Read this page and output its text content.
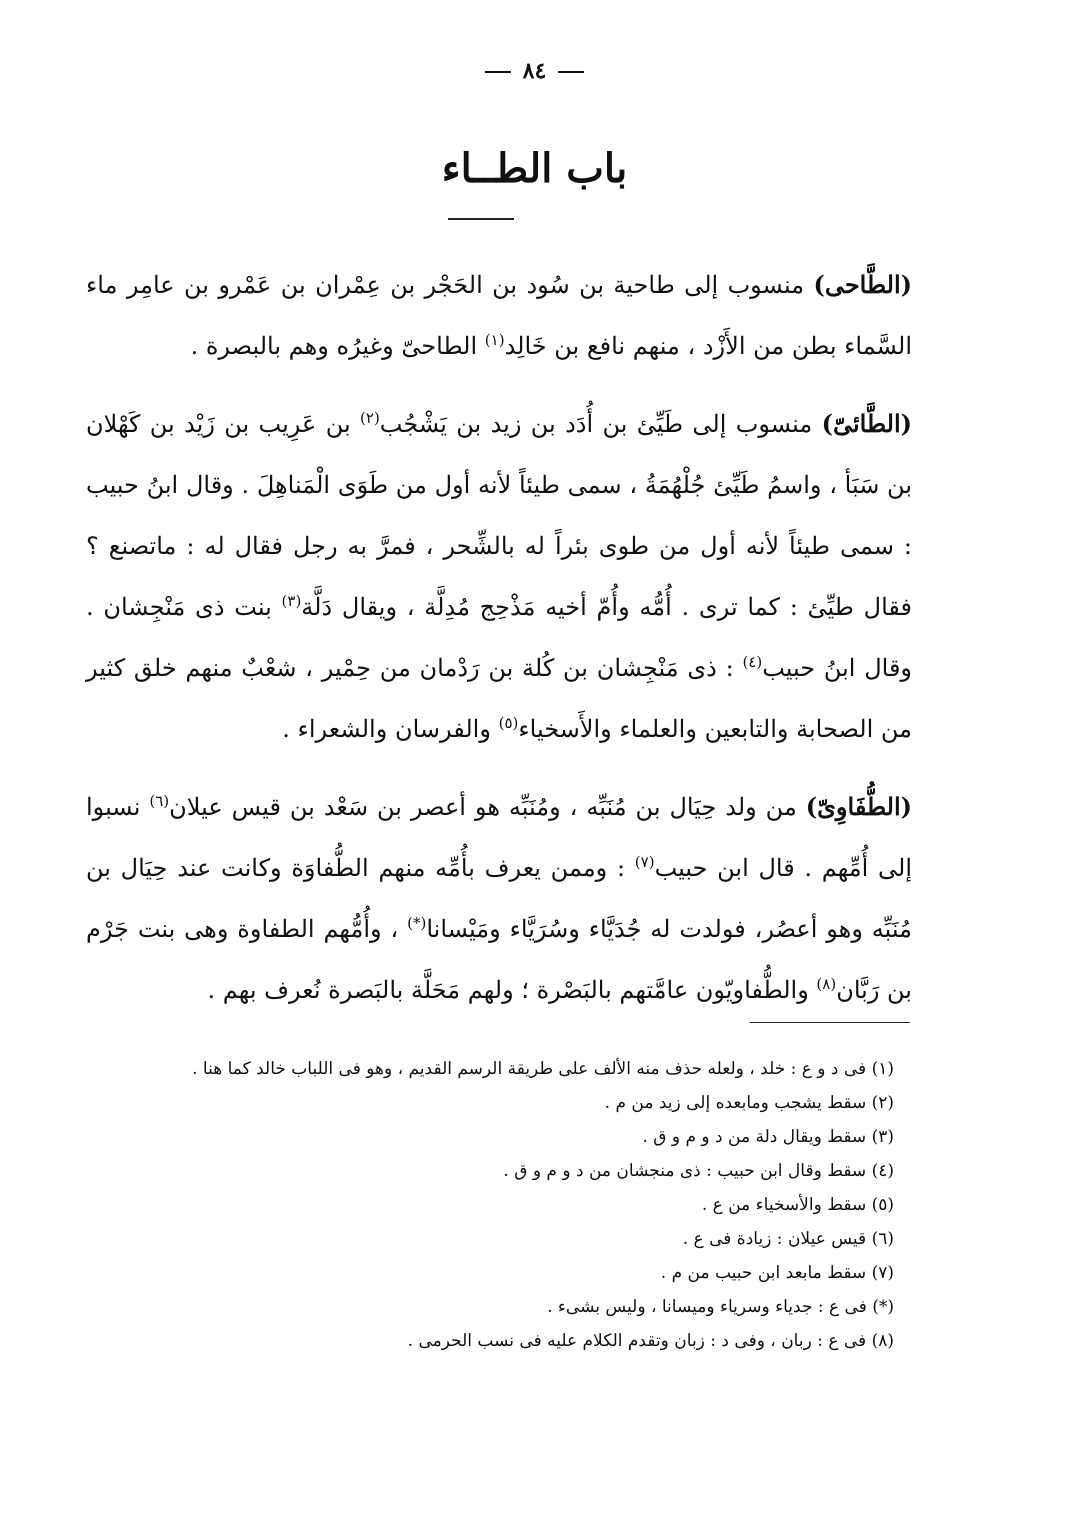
٨٤
باب الطــاء

(الطَّاحى) منسوب إلى طاحية بن سُود بن الحَجْر بن عِمْران بن عَمْرو بن عامِر ماء السَّماء بطن من الأَزْد ، منهم نافع بن خَالِد$^{(١)}$ الطاحىّ وغيرُه وهم بالبصرة .

(الطَّائىّ) منسوب إلى طَيِّئ بن أُدَد بن زيد بن يَشْجُب$^{(٢)}$ بن عَرِيب بن زَيْد بن كَهْلان بن سَبَأ ، واسمُ طَيِّئ جُلْهُمَةُ ، سمى طيئاً لأنه أول من طَوَى الْمَناهِلَ . وقال ابنُ حبيب : سمى طيئاً لأنه أول من طوى بئراً له بالشِّحر ، فمرَّ به رجل فقال له : ماتصنع ؟ فقال طيِّئ : كما ترى . أُمُّه وأُمّ أخيه مَذْحِج مُدِلَّة ، ويقال دَلَّة$^{(٣)}$ بنت ذى مَنْجِشان . وقال ابنُ حبيب$^{(٤)}$ : ذى مَنْجِشان بن كُلة بن رَدْمان من حِمْير ، شعْبٌ منهم خلق كثير من الصحابة والتابعين والعلماء والأَسخياء$^{(٥)}$ والفرسان والشعراء .

(الطُّفَاوِىّ) من ولد حِيَال بن مُنَبِّه ، ومُنَبِّه هو أعصر بن سَعْد بن قيس عيلان$^{(٦)}$ نسبوا إلى أُمِّهم . قال ابن حبيب$^{(٧)}$ : وممن يعرف بأُمِّه منهم الطُّفاوَة وكانت عند حِيَال بن مُنَبِّه وهو أعصُر، فولدت له جُدَيَّاء وسُرَيَّاء ومَيْسانا(*) ، وأُمُّهم الطفاوة وهى بنت جَرْم بن رَبَّان$^{(٨)}$ والطُّفاويّون عامَّتهم بالبَصْرة ؛ ولهم مَحَلَّة بالبَصرة نُعرف بهم .

(١) فى د و ع : خلد ، ولعله حذف منه الألف على طريقة الرسم القديم ، وهو فى اللباب خالد كما هنا .
(٢) سقط يشجب ومابعده إلى زيد من م .
(٣) سقط ويقال دلة من د و م و ق .
(٤) سقط وقال ابن حبيب : ذى منجشان من د و م و ق .
(٥) سقط والأسخياء من ع .
(٦) قيس عيلان : زيادة فى ع .
(٧) سقط مابعد ابن حبيب من م .
(*) فى ع : جدياء وسرياء وميسانا ، وليس بشىء .
(٨) فى ع : ربان ، وفى د : زبان وتقدم الكلام عليه فى نسب الحرمى .
